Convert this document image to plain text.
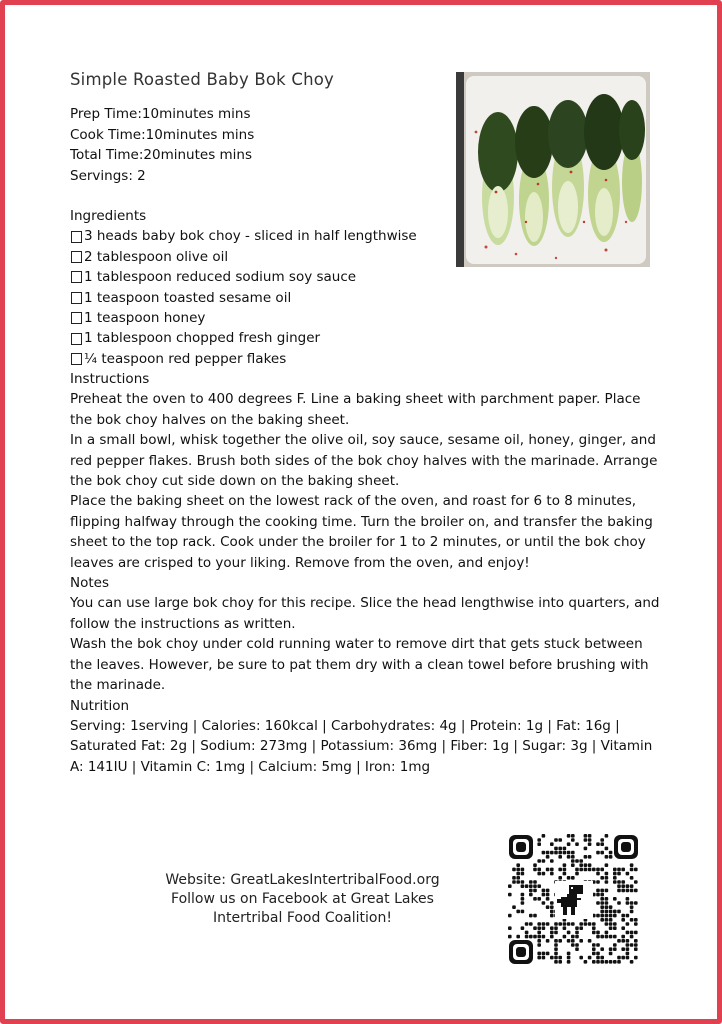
Simple Roasted Baby Bok Choy
Prep Time:10minutes mins
Cook Time:10minutes mins
Total Time:20minutes mins
Servings: 2
Ingredients
3 heads baby bok choy - sliced in half lengthwise
2 tablespoon olive oil
1 tablespoon reduced sodium soy sauce
1 teaspoon toasted sesame oil
1 teaspoon honey
1 tablespoon chopped fresh ginger
¼ teaspoon red pepper flakes
Instructions

Preheat the oven to 400 degrees F. Line a baking sheet with parchment paper. Place the bok choy halves on the baking sheet.

In a small bowl, whisk together the olive oil, soy sauce, sesame oil, honey, ginger, and red pepper flakes. Brush both sides of the bok choy halves with the marinade. Arrange the bok choy cut side down on the baking sheet.

Place the baking sheet on the lowest rack of the oven, and roast for 6 to 8 minutes, flipping halfway through the cooking time. Turn the broiler on, and transfer the baking sheet to the top rack. Cook under the broiler for 1 to 2 minutes, or until the bok choy leaves are crisped to your liking. Remove from the oven, and enjoy!

Notes

You can use large bok choy for this recipe. Slice the head lengthwise into quarters, and follow the instructions as written.

Wash the bok choy under cold running water to remove dirt that gets stuck between the leaves. However, be sure to pat them dry with a clean towel before brushing with the marinade.

Nutrition

Serving: 1serving | Calories: 160kcal | Carbohydrates: 4g | Protein: 1g | Fat: 16g | Saturated Fat: 2g | Sodium: 273mg | Potassium: 36mg | Fiber: 1g | Sugar: 3g | Vitamin A: 141IU | Vitamin C: 1mg | Calcium: 5mg | Iron: 1mg

Website: GreatLakesIntertribalFood.org
Follow us on Facebook at Great Lakes
Intertribal Food Coalition!
